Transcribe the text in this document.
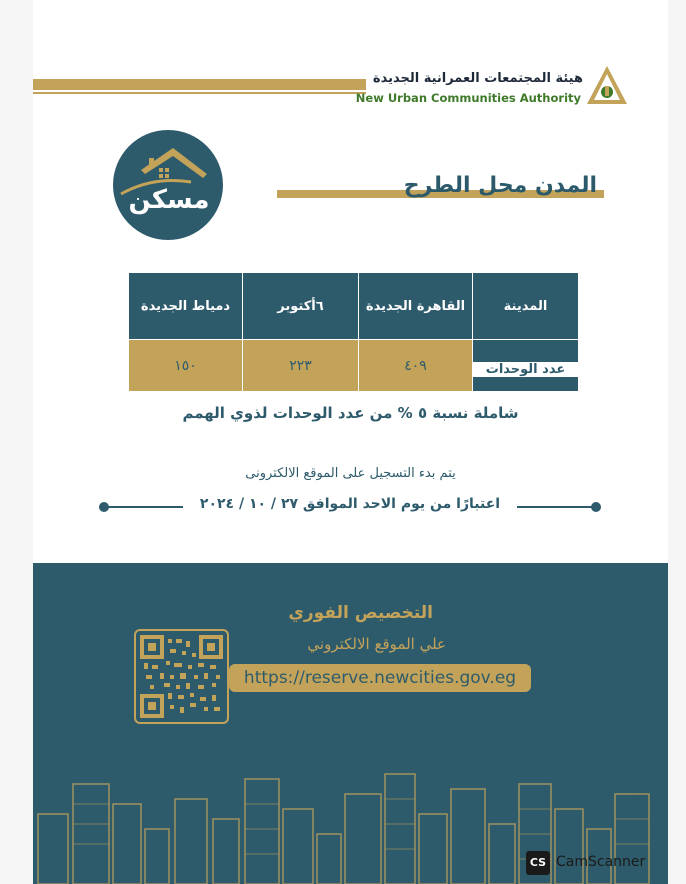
هيئة المجتمعات العمرانية الجديدة
New Urban Communities Authority
مسكن	المدن محل الطرح
المدينة	القاهرة الجديدة	٦أكتوبر	دمياط الجديدة

عدد الوحدات	٤٠٩	٢٢٣	١٥٠
شاملة نسبة ٥ % من عدد الوحدات لذوي الهمم
يتم بدء التسجيل على الموقع الالكترونى
اعتبارًا من يوم الاحد الموافق ٢٧ / ١٠ / ٢٠٢٤
التخصيص الفوري
علي الموقع الالكتروني
https://reserve.newcities.gov.eg
CS CamScanner
